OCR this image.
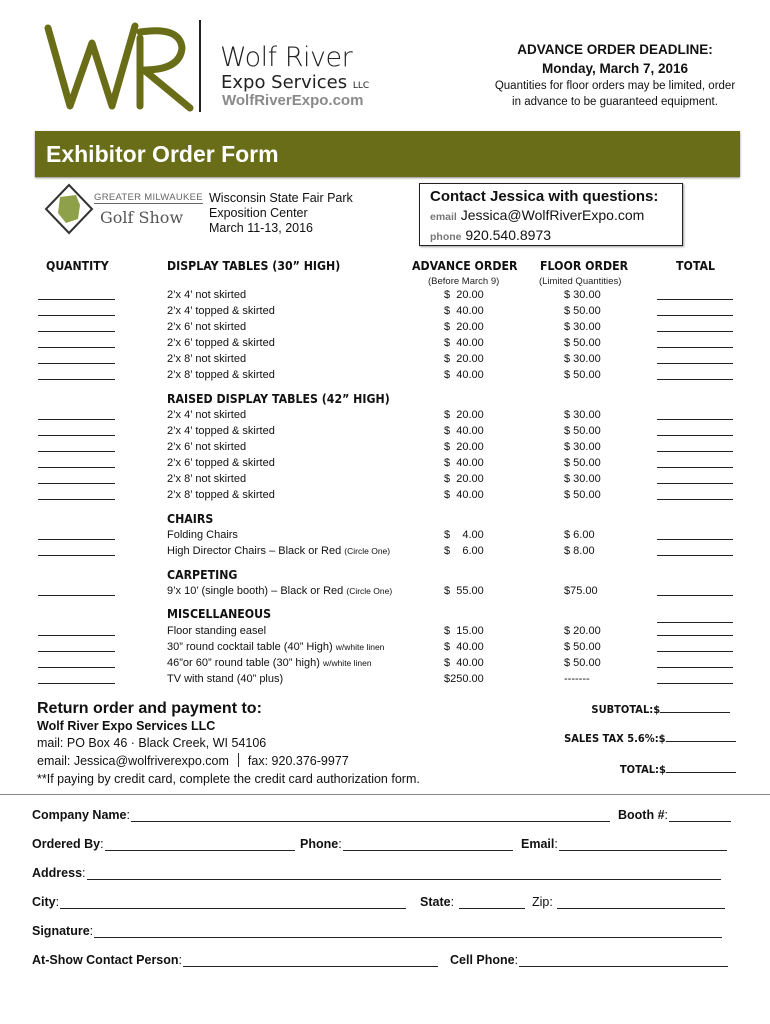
Wolf River
Expo Services LLC
WolfRiverExpo.com
ADVANCE ORDER DEADLINE:
Monday, March 7, 2016
Quantities for floor orders may be limited, order
in advance to be guaranteed equipment.
Exhibitor Order Form
GREATER MILWAUKEE
Golf Show
Wisconsin State Fair Park
Exposition Center
March 11-13, 2016
Contact Jessica with questions:
email Jessica@WolfRiverExpo.com
phone 920.540.8973
QUANTITY	DISPLAY TABLES (30” HIGH)	ADVANCE ORDER
(Before March 9)
FLOOR ORDER
(Limited Quantities)
TOTAL
2’x 4’ not skirted	$  20.00	$ 30.00
2’x 4’ topped & skirted	$  40.00	$ 50.00
2’x 6’ not skirted	$  20.00	$ 30.00
2’x 6’ topped & skirted	$  40.00	$ 50.00
2’x 8’ not skirted	$  20.00	$ 30.00
2’x 8’ topped & skirted	$  40.00	$ 50.00
RAISED DISPLAY TABLES (42” HIGH)
2’x 4’ not skirted	$  20.00	$ 30.00
2’x 4’ topped & skirted	$  40.00	$ 50.00
2’x 6’ not skirted	$  20.00	$ 30.00
2’x 6’ topped & skirted	$  40.00	$ 50.00
2’x 8’ not skirted	$  20.00	$ 30.00
2’x 8’ topped & skirted	$  40.00	$ 50.00
CHAIRS
Folding Chairs	$    4.00	$ 6.00
High Director Chairs – Black or Red (Circle One)	$    6.00	$ 8.00
CARPETING
9’x 10’ (single booth) – Black or Red (Circle One)	$  55.00	$75.00
MISCELLANEOUS
Floor standing easel	$  15.00	$ 20.00
30” round cocktail table (40” High) w/white linen	$  40.00	$ 50.00
46”or 60” round table (30” high) w/white linen	$  40.00	$ 50.00
TV with stand (40” plus)	$250.00	-------
Return order and payment to:
Wolf River Expo Services LLC
mail: PO Box 46 · Black Creek, WI 54106
email: Jessica@wolfriverexpo.com fax: 920.376-9977
**If paying by credit card, complete the credit card authorization form.
SUBTOTAL:$
SALES TAX 5.6%:$
TOTAL:$
Company Name :	Booth # :
Ordered By :	Phone :	Email :
Address :
City :	State :	Zip :
Signature :
At-Show Contact Person :	Cell Phone :
